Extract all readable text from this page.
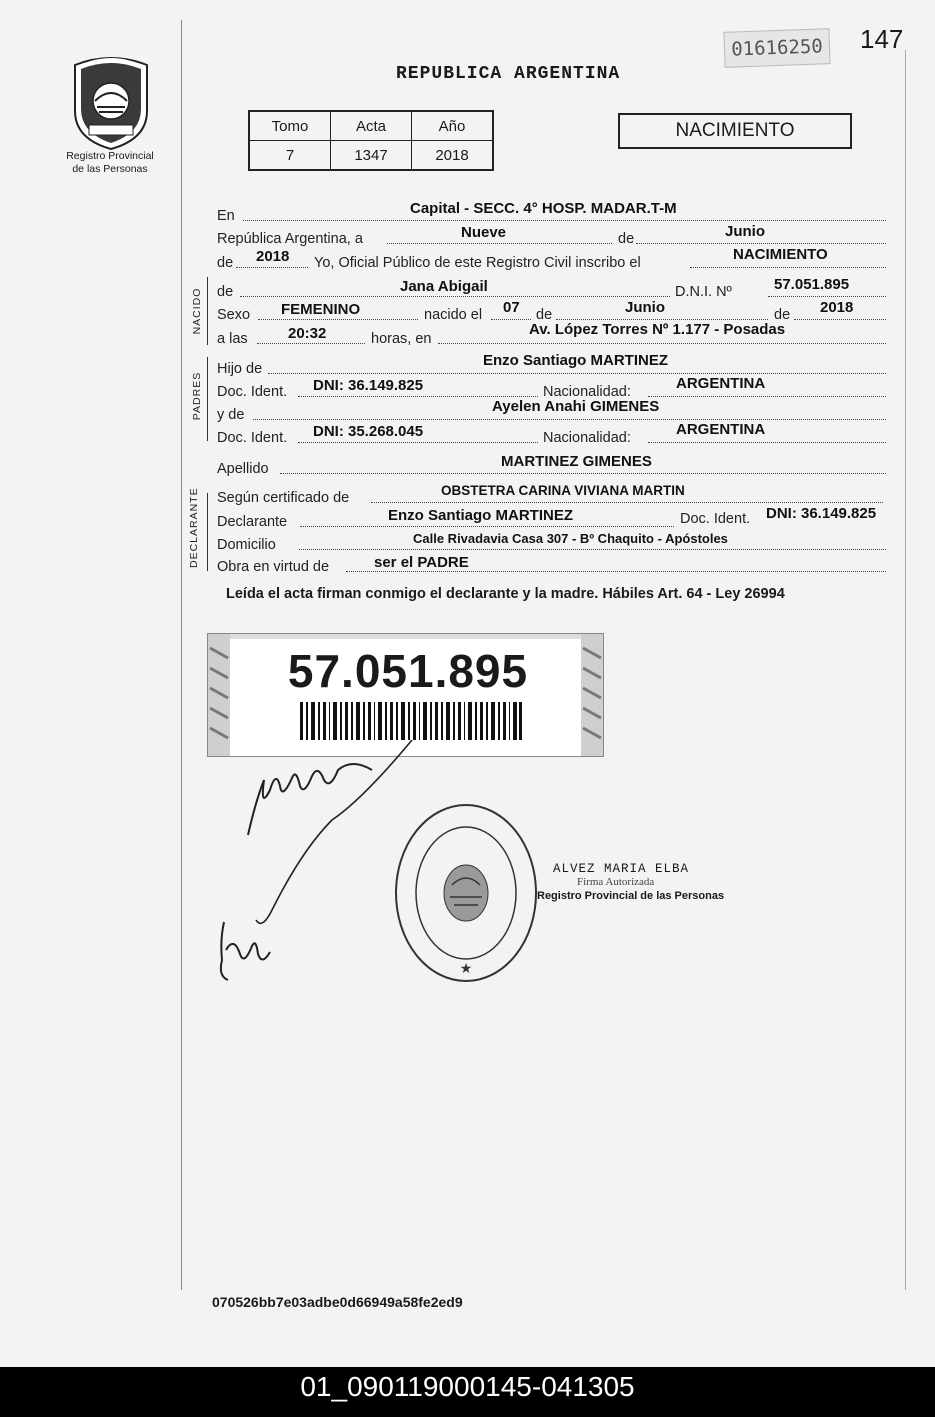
01616250 147
Registro Provincial
de las Personas
REPUBLICA ARGENTINA
Tomo	Acta	Año
7	1347	2018
NACIMIENTO
En	Capital - SECC. 4° HOSP. MADAR.T-M
República Argentina, a	Nueve	de	Junio
de 2018 Yo, Oficial Público de este Registro Civil inscribo el	NACIMIENTO
NACIDO de	Jana Abigail	D.N.I. Nº	57.051.895
Sexo FEMENINO	nacido el 07 de	Junio	de 2018
a las	20:32	horas, en
Av. López Torres Nº 1.177 - Posadas
PADRES
Hijo de	Enzo Santiago MARTINEZ
Doc. Ident. DNI: 36.149.825	Nacionalidad:	ARGENTINA
y de	Ayelen Anahi GIMENES
Doc. Ident. DNI: 35.268.045	Nacionalidad:	ARGENTINA
Apellido	MARTINEZ GIMENES
DECLARANTE Según certificado de	OBSTETRA CARINA VIVIANA MARTIN
Declarante	Enzo Santiago MARTINEZ	Doc. Ident. DNI: 36.149.825
Domicilio	Calle Rivadavia Casa 307 - Bº Chaquito - Apóstoles
Obra en virtud de	ser el PADRE
Leída el acta firman conmigo el declarante y la madre. Hábiles Art. 64 - Ley 26994
57.051.895
★
ALVEZ MARIA ELBA
Firma Autorizada
Registro Provincial de las Personas
070526bb7e03adbe0d66949a58fe2ed9
01_090119000145-041305
